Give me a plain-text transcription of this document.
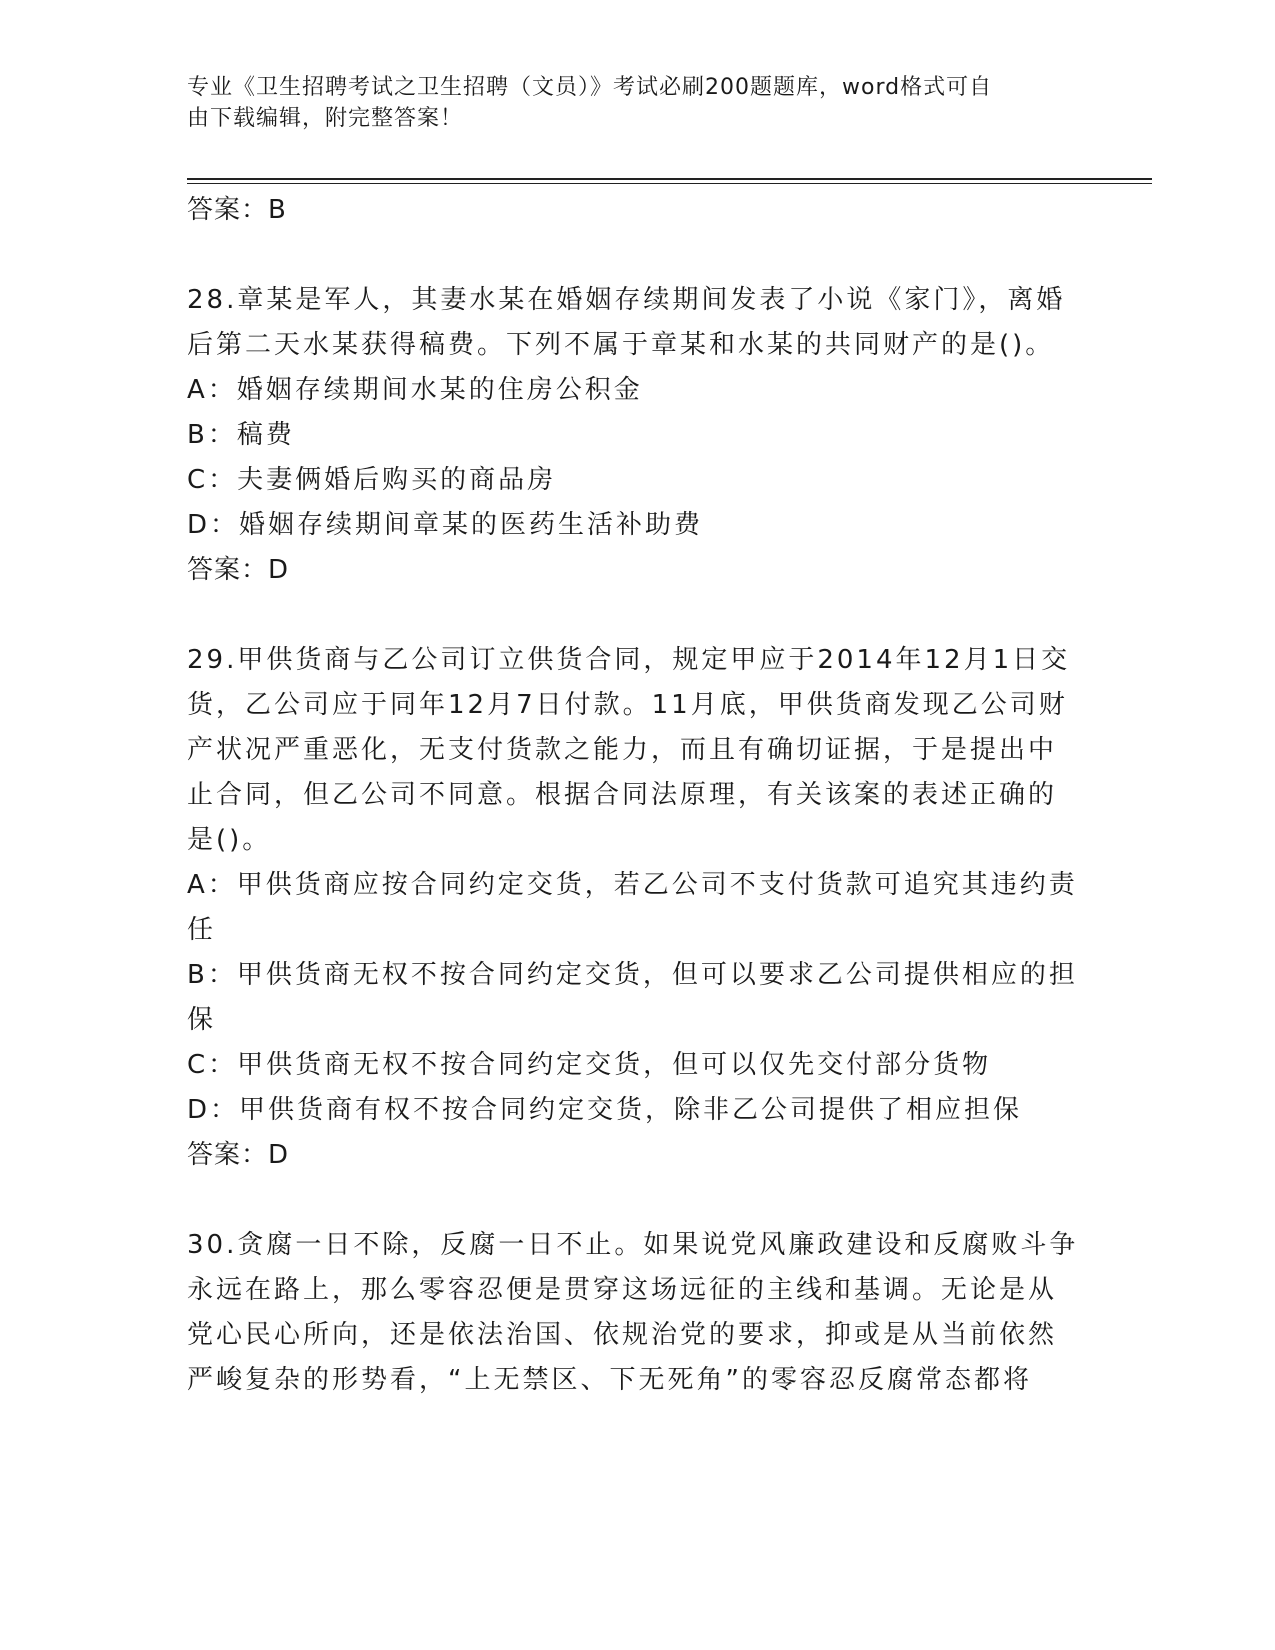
专业《卫生招聘考试之卫生招聘（文员）》考试必刷200题题库，word格式可自

由下载编辑，附完整答案！

答案：B

28.章某是军人，其妻水某在婚姻存续期间发表了小说《家门》，离婚

后第二天水某获得稿费。下列不属于章某和水某的共同财产的是()。

A：婚姻存续期间水某的住房公积金

B：稿费

C：夫妻俩婚后购买的商品房

D：婚姻存续期间章某的医药生活补助费

答案：D

29.甲供货商与乙公司订立供货合同，规定甲应于2014年12月1日交

货，乙公司应于同年12月7日付款。11月底，甲供货商发现乙公司财

产状况严重恶化，无支付货款之能力，而且有确切证据，于是提出中

止合同，但乙公司不同意。根据合同法原理，有关该案的表述正确的

是()。

A：甲供货商应按合同约定交货，若乙公司不支付货款可追究其违约责

任

B：甲供货商无权不按合同约定交货，但可以要求乙公司提供相应的担

保

C：甲供货商无权不按合同约定交货，但可以仅先交付部分货物

D：甲供货商有权不按合同约定交货，除非乙公司提供了相应担保

答案：D

30.贪腐一日不除，反腐一日不止。如果说党风廉政建设和反腐败斗争

永远在路上，那么零容忍便是贯穿这场远征的主线和基调。无论是从

党心民心所向，还是依法治国、依规治党的要求，抑或是从当前依然

严峻复杂的形势看，“上无禁区、下无死角”的零容忍反腐常态都将
